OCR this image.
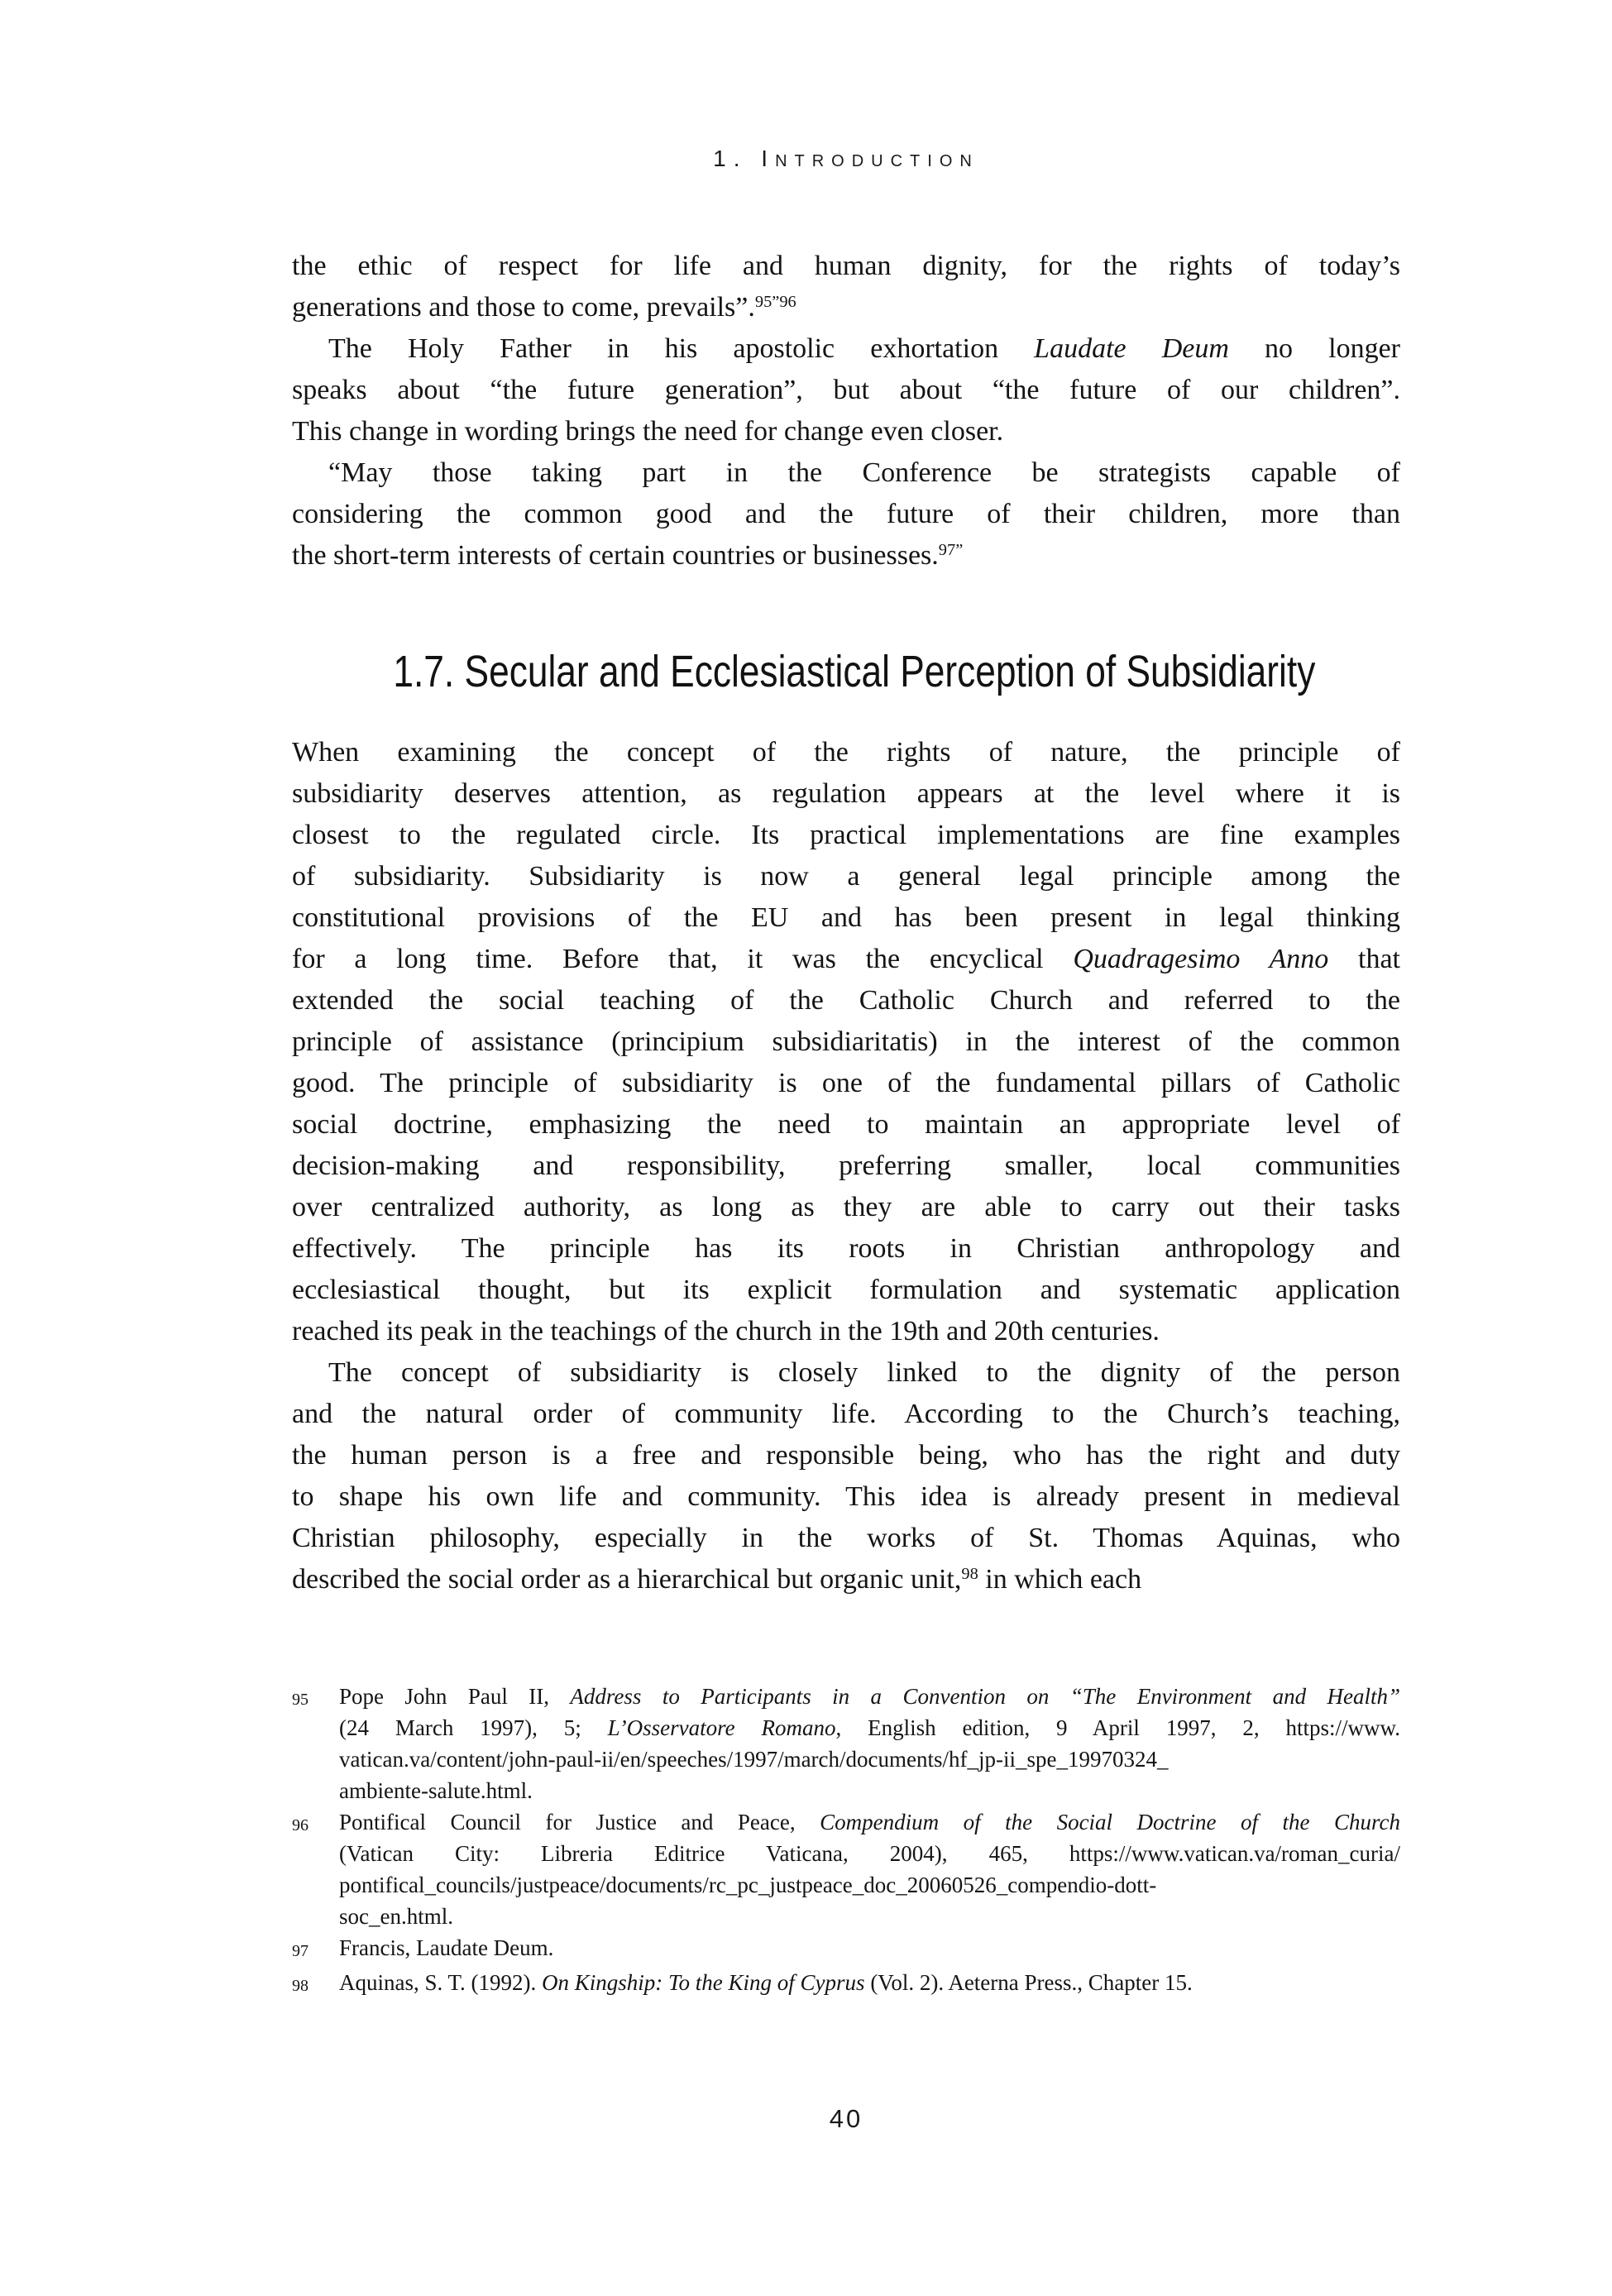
1. Introduction
the ethic of respect for life and human dignity, for the rights of today’s
generations and those to come, prevails”.$^{95”96}$
The Holy Father in his apostolic exhortation Laudate Deum no longer
speaks about “the future generation”, but about “the future of our children”.
This change in wording brings the need for change even closer.
“May those taking part in the Conference be strategists capable of
considering the common good and the future of their children, more than
the short-term interests of certain countries or businesses.$^{97”}$
1.7. Secular and Ecclesiastical Perception of Subsidiarity
When examining the concept of the rights of nature, the principle of
subsidiarity deserves attention, as regulation appears at the level where it is
closest to the regulated circle. Its practical implementations are fine examples
of subsidiarity. Subsidiarity is now a general legal principle among the
constitutional provisions of the EU and has been present in legal thinking
for a long time. Before that, it was the encyclical Quadragesimo Anno that
extended the social teaching of the Catholic Church and referred to the
principle of assistance (principium subsidiaritatis) in the interest of the common
good. The principle of subsidiarity is one of the fundamental pillars of Catholic
social doctrine, emphasizing the need to maintain an appropriate level of
decision-making and responsibility, preferring smaller, local communities
over centralized authority, as long as they are able to carry out their tasks
effectively. The principle has its roots in Christian anthropology and
ecclesiastical thought, but its explicit formulation and systematic application
reached its peak in the teachings of the church in the 19th and 20th centuries.
The concept of subsidiarity is closely linked to the dignity of the person
and the natural order of community life. According to the Church’s teaching,
the human person is a free and responsible being, who has the right and duty
to shape his own life and community. This idea is already present in medieval
Christian philosophy, especially in the works of St. Thomas Aquinas, who
described the social order as a hierarchical but organic unit,$^{98}$ in which each
95	Pope John Paul II, Address to Participants in a Convention on “The Environment and Health”
(24 March 1997), 5; L’Osservatore Romano, English edition, 9 April 1997, 2, https://www.
vatican.va/content/john-paul-ii/en/speeches/1997/march/documents/hf_jp-ii_spe_19970324_
ambiente-salute.html.
96	Pontifical Council for Justice and Peace, Compendium of the Social Doctrine of the Church
(Vatican City: Libreria Editrice Vaticana, 2004), 465, https://www.vatican.va/roman_curia/
pontifical_councils/justpeace/documents/rc_pc_justpeace_doc_20060526_compendio-dott-
soc_en.html.
97	Francis, Laudate Deum.
98	Aquinas, S. T. (1992). On Kingship: To the King of Cyprus (Vol. 2). Aeterna Press., Chapter 15.
40
